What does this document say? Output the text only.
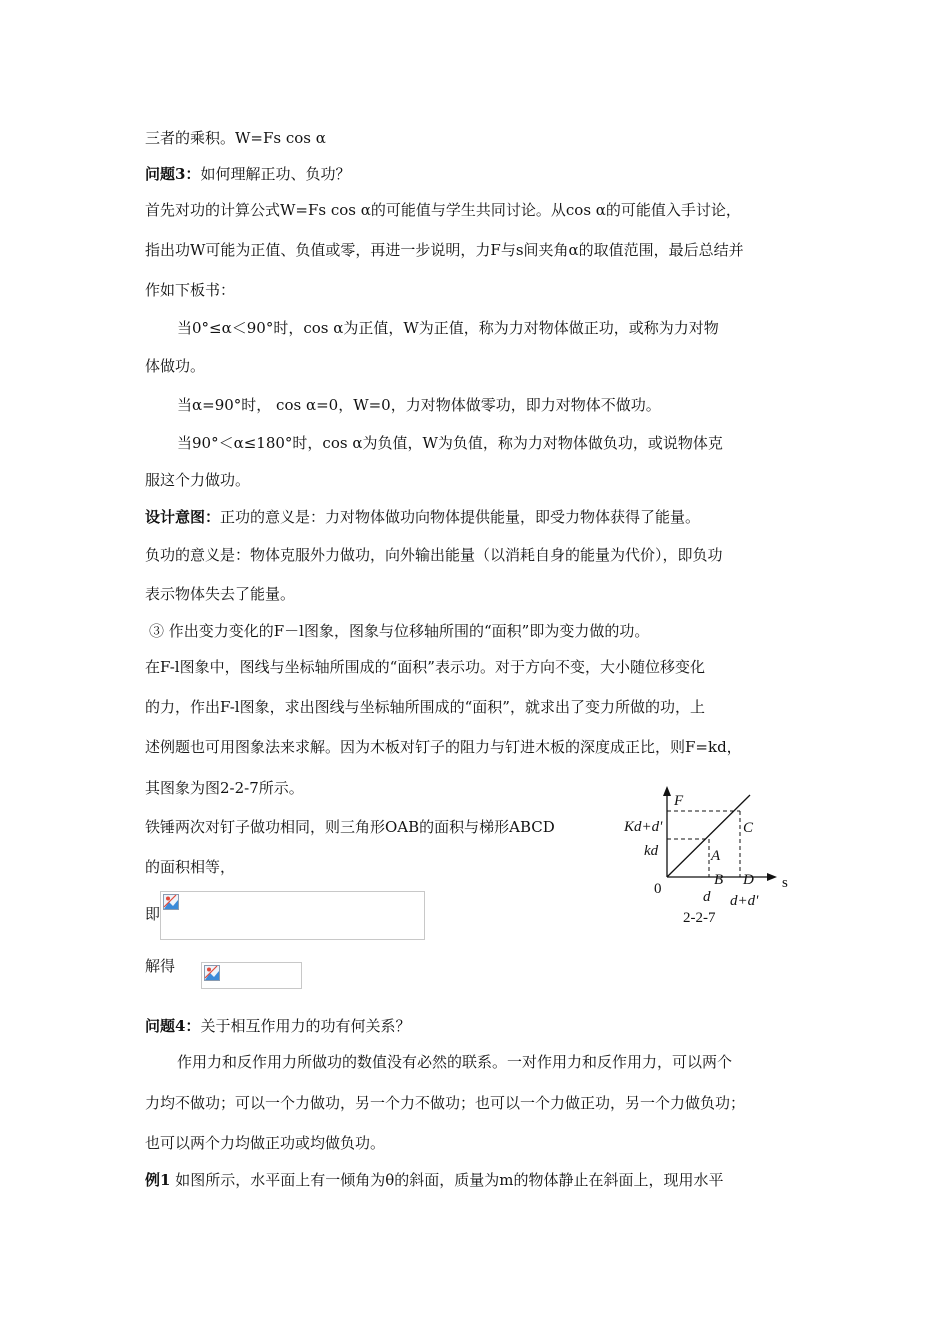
三者的乘积。W=Fs cos α
问题3：如何理解正功、负功？
首先对功的计算公式W=Fs cos α的可能值与学生共同讨论。从cos α的可能值入手讨论，
指出功W可能为正值、负值或零，再进一步说明，力F与s间夹角α的取值范围，最后总结并
作如下板书：
当0°≤α＜90°时，cos α为正值，W为正值，称为力对物体做正功，或称为力对物
体做功。
当α=90°时， cos α=0，W=0，力对物体做零功，即力对物体不做功。
当90°＜α≤180°时，cos α为负值，W为负值，称为力对物体做负功，或说物体克
服这个力做功。
设计意图：正功的意义是：力对物体做功向物体提供能量，即受力物体获得了能量。
负功的意义是：物体克服外力做功，向外输出能量（以消耗自身的能量为代价），即负功
表示物体失去了能量。
③ 作出变力变化的F－l图象，图象与位移轴所围的“面积”即为变力做的功。
在F-l图象中，图线与坐标轴所围成的“面积”表示功。对于方向不变，大小随位移变化
的力，作出F-l图象，求出图线与坐标轴所围成的“面积”，就求出了变力所做的功，上
述例题也可用图象法来求解。因为木板对钉子的阻力与钉进木板的深度成正比，则F=kd，
其图象为图2-2-7所示。
铁锤两次对钉子做功相同，则三角形OAB的面积与梯形ABCD
的面积相等，
即
解得
问题4：关于相互作用力的功有何关系？
作用力和反作用力所做功的数值没有必然的联系。一对作用力和反作用力，可以两个
力均不做功；可以一个力做功，另一个力不做功；也可以一个力做正功，另一个力做负功；
也可以两个力均做正功或均做负功。
例1 如图所示，水平面上有一倾角为θ的斜面，质量为m的物体静止在斜面上，现用水平
F
s
0
Kd+d'
kd	A
B
C
D
d d+d'
2-2-7
